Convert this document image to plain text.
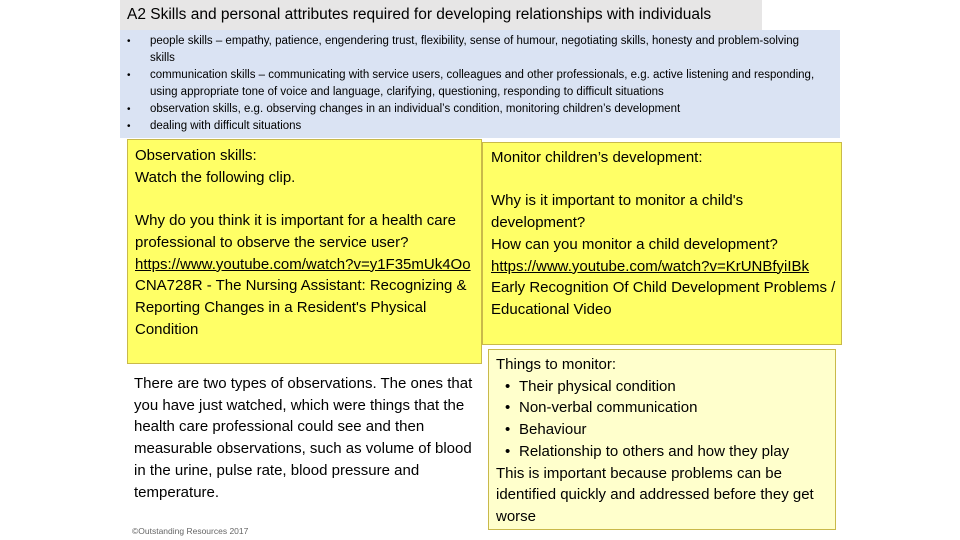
A2 Skills and personal attributes required for developing relationships with individuals
• people skills – empathy, patience, engendering trust, flexibility, sense of humour, negotiating skills, honesty and problem-solving skills
• communication skills – communicating with service users, colleagues and other professionals, e.g. active listening and responding, using appropriate tone of voice and language, clarifying, questioning, responding to difficult situations
• observation skills, e.g. observing changes in an individual’s condition, monitoring children’s development
• dealing with difficult situations

Observation skills:

Watch the following clip.

Why do you think it is important for a health care professional to observe the service user?

https://www.youtube.com/watch?v=y1F35mUk4Oo

CNA728R - The Nursing Assistant: Recognizing & Reporting Changes in a Resident's Physical Condition

There are two types of observations. The ones that you have just watched, which were things that the health care professional could see and then measurable observations, such as volume of blood in the urine, pulse rate, blood pressure and temperature.

Monitor children’s development:

Why is it important to monitor a child's development?

How can you monitor a child development?

https://www.youtube.com/watch?v=KrUNBfyiIBk

Early Recognition Of Child Development Problems / Educational Video

Things to monitor:

• Their physical condition
• Non-verbal communication
• Behaviour
• Relationship to others and how they play

This is important because problems can be identified quickly and addressed before they get worse

©Outstanding Resources 2017
